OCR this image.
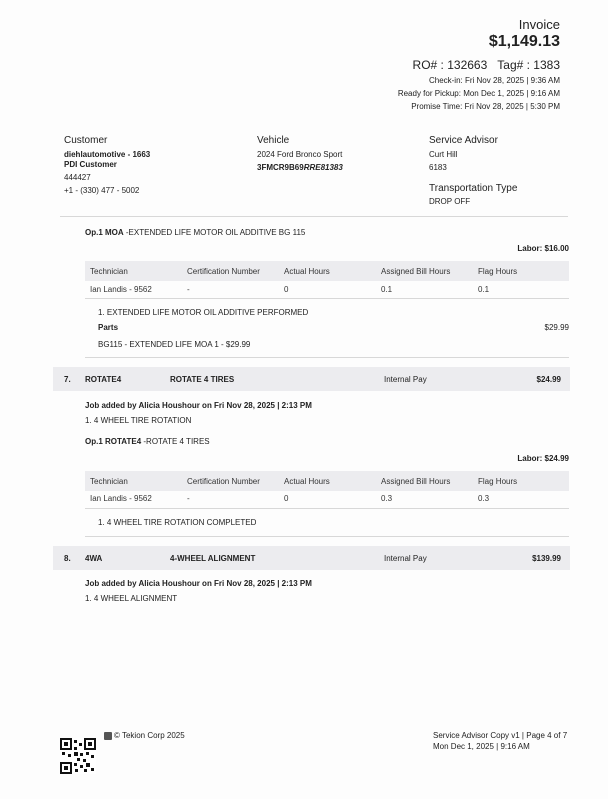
Invoice
$1,149.13
RO# : 132663 Tag# : 1383
Check-in: Fri Nov 28, 2025 | 9:36 AM
Ready for Pickup: Mon Dec 1, 2025 | 9:16 AM
Promise Time: Fri Nov 28, 2025 | 5:30 PM
Customer
diehlautomotive - 1663
PDI Customer
444427
+1 - (330) 477 - 5002
Vehicle
2024 Ford Bronco Sport
3FMCR9B69RRE81383
Service Advisor
Curt Hill
6183
Transportation Type
DROP OFF
Op.1 MOA -EXTENDED LIFE MOTOR OIL ADDITIVE BG 115
Labor: $16.00
Technician	Certification Number	Actual Hours	Assigned Bill Hours	Flag Hours
Ian Landis - 9562	-	0	0.1	0.1
1. EXTENDED LIFE MOTOR OIL ADDITIVE PERFORMED
Parts	$29.99
BG115 - EXTENDED LIFE MOA 1 - $29.99
7. ROTATE4	ROTATE 4 TIRES	Internal Pay	$24.99
Job added by Alicia Houshour on Fri Nov 28, 2025 | 2:13 PM
1. 4 WHEEL TIRE ROTATION
Op.1 ROTATE4 -ROTATE 4 TIRES
Labor: $24.99
Technician	Certification Number	Actual Hours	Assigned Bill Hours	Flag Hours
Ian Landis - 9562	-	0	0.3	0.3
1. 4 WHEEL TIRE ROTATION COMPLETED
8. 4WA	4-WHEEL ALIGNMENT	Internal Pay	$139.99
Job added by Alicia Houshour on Fri Nov 28, 2025 | 2:13 PM
1. 4 WHEEL ALIGNMENT
© Tekion Corp 2025	Service Advisor Copy v1 | Page 4 of 7
Mon Dec 1, 2025 | 9:16 AM
